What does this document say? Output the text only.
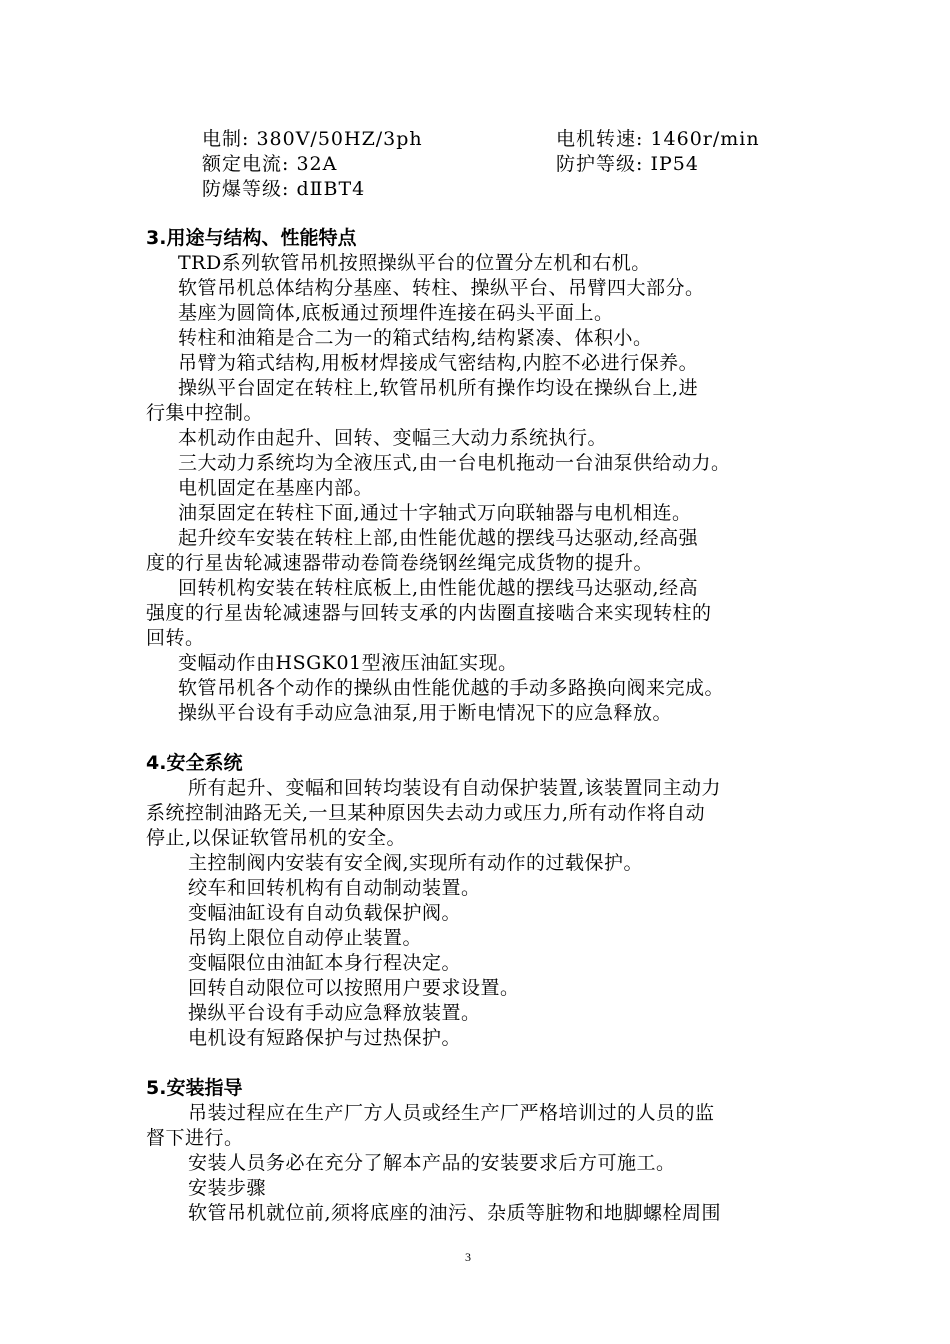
电制: 380V/50HZ/3ph	电机转速: 1460r/min
额定电流: 32A	防护等级: IP54
防爆等级: dⅡBT4
3.用途与结构、性能特点
TRD系列软管吊机按照操纵平台的位置分左机和右机。
软管吊机总体结构分基座、转柱、操纵平台、吊臂四大部分。
基座为圆筒体,底板通过预埋件连接在码头平面上。
转柱和油箱是合二为一的箱式结构,结构紧凑、体积小。
吊臂为箱式结构,用板材焊接成气密结构,内腔不必进行保养。
操纵平台固定在转柱上,软管吊机所有操作均设在操纵台上,进
行集中控制。
本机动作由起升、回转、变幅三大动力系统执行。
三大动力系统均为全液压式,由一台电机拖动一台油泵供给动力。
电机固定在基座内部。
油泵固定在转柱下面,通过十字轴式万向联轴器与电机相连。
起升绞车安装在转柱上部,由性能优越的摆线马达驱动,经高强
度的行星齿轮减速器带动卷筒卷绕钢丝绳完成货物的提升。
回转机构安装在转柱底板上,由性能优越的摆线马达驱动,经高
强度的行星齿轮减速器与回转支承的内齿圈直接啮合来实现转柱的
回转。
变幅动作由HSGK01型液压油缸实现。
软管吊机各个动作的操纵由性能优越的手动多路换向阀来完成。
操纵平台设有手动应急油泵,用于断电情况下的应急释放。
4.安全系统
所有起升、变幅和回转均装设有自动保护装置,该装置同主动力
系统控制油路无关,一旦某种原因失去动力或压力,所有动作将自动
停止,以保证软管吊机的安全。
主控制阀内安装有安全阀,实现所有动作的过载保护。
绞车和回转机构有自动制动装置。
变幅油缸设有自动负载保护阀。
吊钩上限位自动停止装置。
变幅限位由油缸本身行程决定。
回转自动限位可以按照用户要求设置。
操纵平台设有手动应急释放装置。
电机设有短路保护与过热保护。
5.安装指导
吊装过程应在生产厂方人员或经生产厂严格培训过的人员的监
督下进行。
安装人员务必在充分了解本产品的安装要求后方可施工。
安装步骤
软管吊机就位前,须将底座的油污、杂质等脏物和地脚螺栓周围
3
